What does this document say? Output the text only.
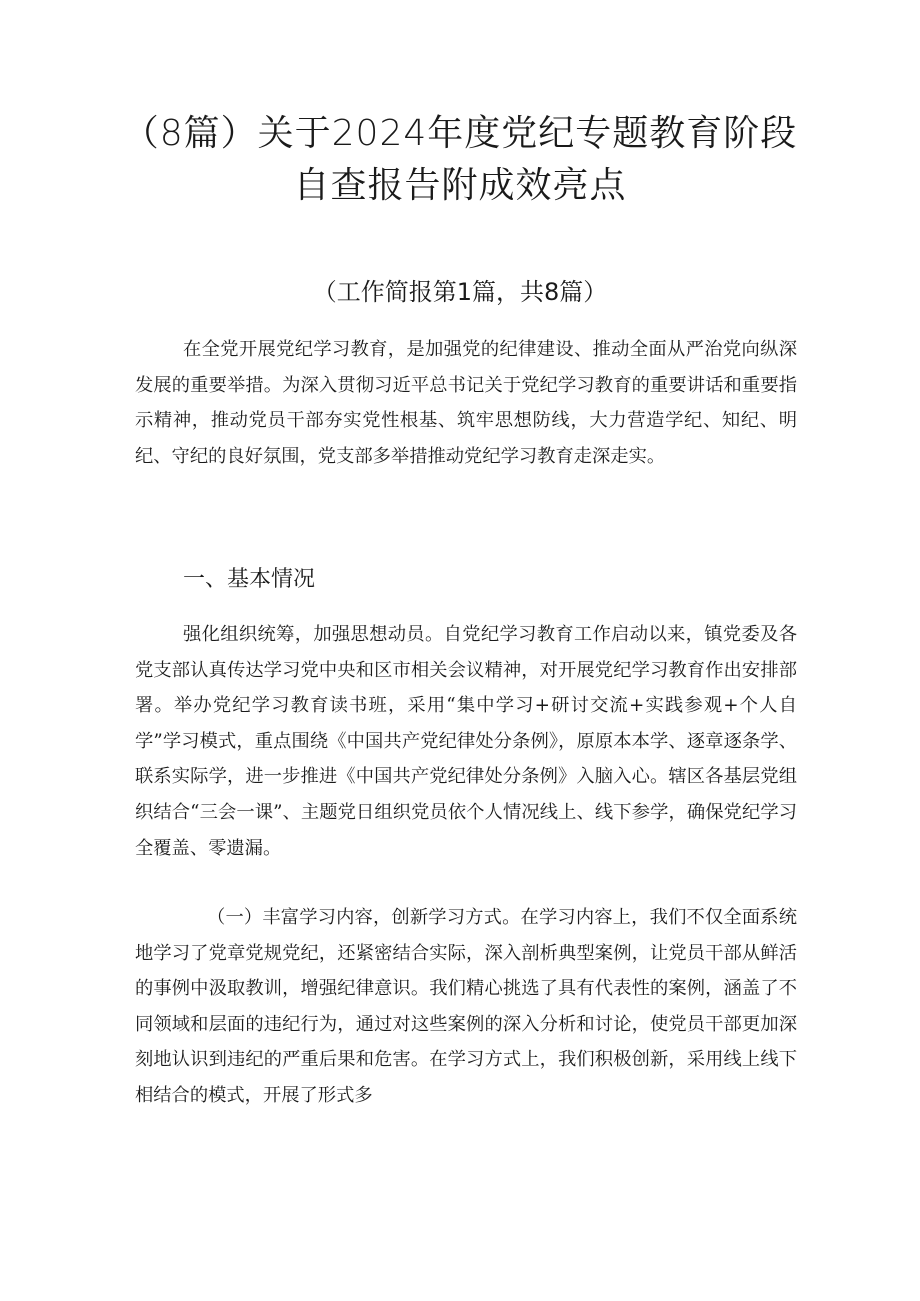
（8篇）关于2024年度党纪专题教育阶段
自查报告附成效亮点
（工作简报第1篇，共8篇）

在全党开展党纪学习教育，是加强党的纪律建设、推动全面从严治党向纵深发展的重要举措。为深入贯彻习近平总书记关于党纪学习教育的重要讲话和重要指示精神，推动党员干部夯实党性根基、筑牢思想防线，大力营造学纪、知纪、明纪、守纪的良好氛围，党支部多举措推动党纪学习教育走深走实。

一、基本情况

强化组织统筹，加强思想动员。自党纪学习教育工作启动以来，镇党委及各党支部认真传达学习党中央和区市相关会议精神，对开展党纪学习教育作出安排部署。举办党纪学习教育读书班，采用“集中学习+研讨交流+实践参观+个人自学”学习模式，重点围绕《中国共产党纪律处分条例》，原原本本学、逐章逐条学、联系实际学，进一步推进《中国共产党纪律处分条例》入脑入心。辖区各基层党组织结合“三会一课”、主题党日组织党员依个人情况线上、线下参学，确保党纪学习全覆盖、零遗漏。

（一）丰富学习内容，创新学习方式。在学习内容上，我们不仅全面系统地学习了党章党规党纪，还紧密结合实际，深入剖析典型案例，让党员干部从鲜活的事例中汲取教训，增强纪律意识。我们精心挑选了具有代表性的案例，涵盖了不同领域和层面的违纪行为，通过对这些案例的深入分析和讨论，使党员干部更加深刻地认识到违纪的严重后果和危害。在学习方式上，我们积极创新，采用线上线下相结合的模式，开展了形式多
